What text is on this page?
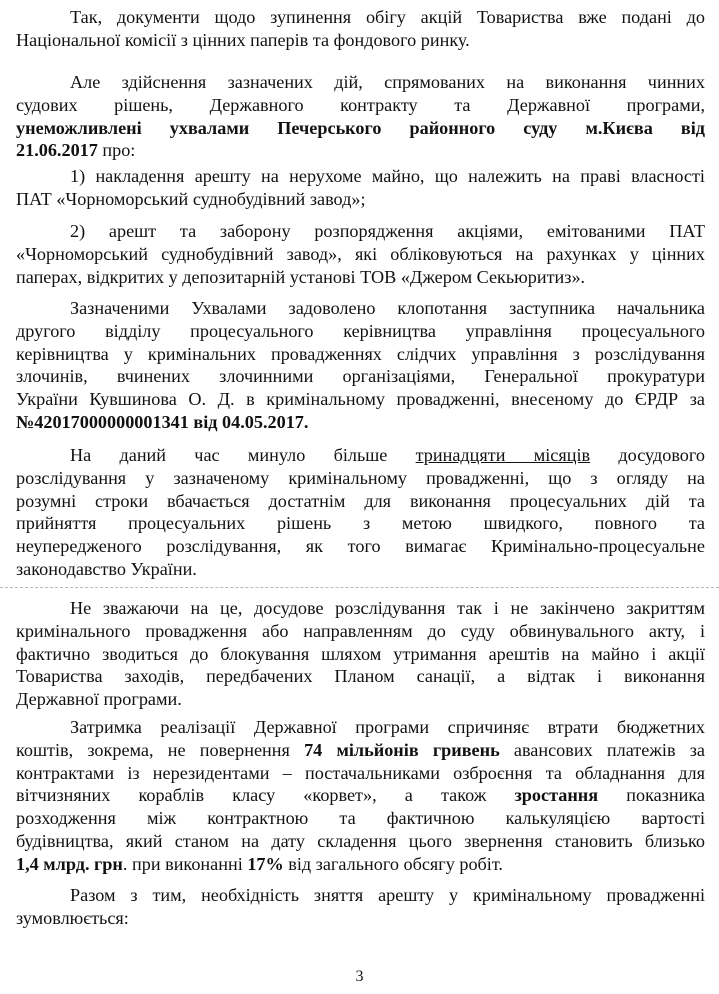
Так, документи щодо зупинення обігу акцій Товариства вже подані до
Національної комісії з цінних паперів та фондового ринку.
Але здійснення зазначених дій, спрямованих на виконання чинних
судових рішень, Державного контракту та Державної програми,
унеможливлені ухвалами Печерського районного суду м.Києва від
21.06.2017 про:
1) накладення арешту на нерухоме майно, що належить на праві власності
ПАТ «Чорноморський суднобудівний завод»;
2) арешт та заборону розпорядження акціями, емітованими ПАТ
«Чорноморський суднобудівний завод», які обліковуються на рахунках у цінних
паперах, відкритих у депозитарній установі ТОВ «Джером Секьюритиз».
Зазначеними Ухвалами задоволено клопотання заступника начальника
другого відділу процесуального керівництва управління процесуального
керівництва у кримінальних провадженнях слідчих управління з розслідування
злочинів, вчинених злочинними організаціями, Генеральної прокуратури
України Кувшинова О. Д. в кримінальному провадженні, внесеному до ЄРДР за
№42017000000001341 від 04.05.2017.
На даний час минуло більше тринадцяти місяців досудового
розслідування у зазначеному кримінальному провадженні, що з огляду на
розумні строки вбачається достатнім для виконання процесуальних дій та
прийняття процесуальних рішень з метою швидкого, повного та
неупередженого розслідування, як того вимагає Кримінально-процесуальне
законодавство України.
Не зважаючи на це, досудове розслідування так і не закінчено закриттям
кримінального провадження або направленням до суду обвинувального акту, і
фактично зводиться до блокування шляхом утримання арештів на майно і акції
Товариства заходів, передбачених Планом санації, а відтак і виконання
Державної програми.
Затримка реалізації Державної програми спричиняє втрати бюджетних
коштів, зокрема, не повернення 74 мільйонів гривень авансових платежів за
контрактами із нерезидентами – постачальниками озброєння та обладнання для
вітчизняних кораблів класу «корвет», а також зростання показника
розходження між контрактною та фактичною калькуляцією вартості
будівництва, який станом на дату складення цього звернення становить близько
1,4 млрд. грн. при виконанні 17% від загального обсягу робіт.
Разом з тим, необхідність зняття арешту у кримінальному провадженні
зумовлюється:
3
